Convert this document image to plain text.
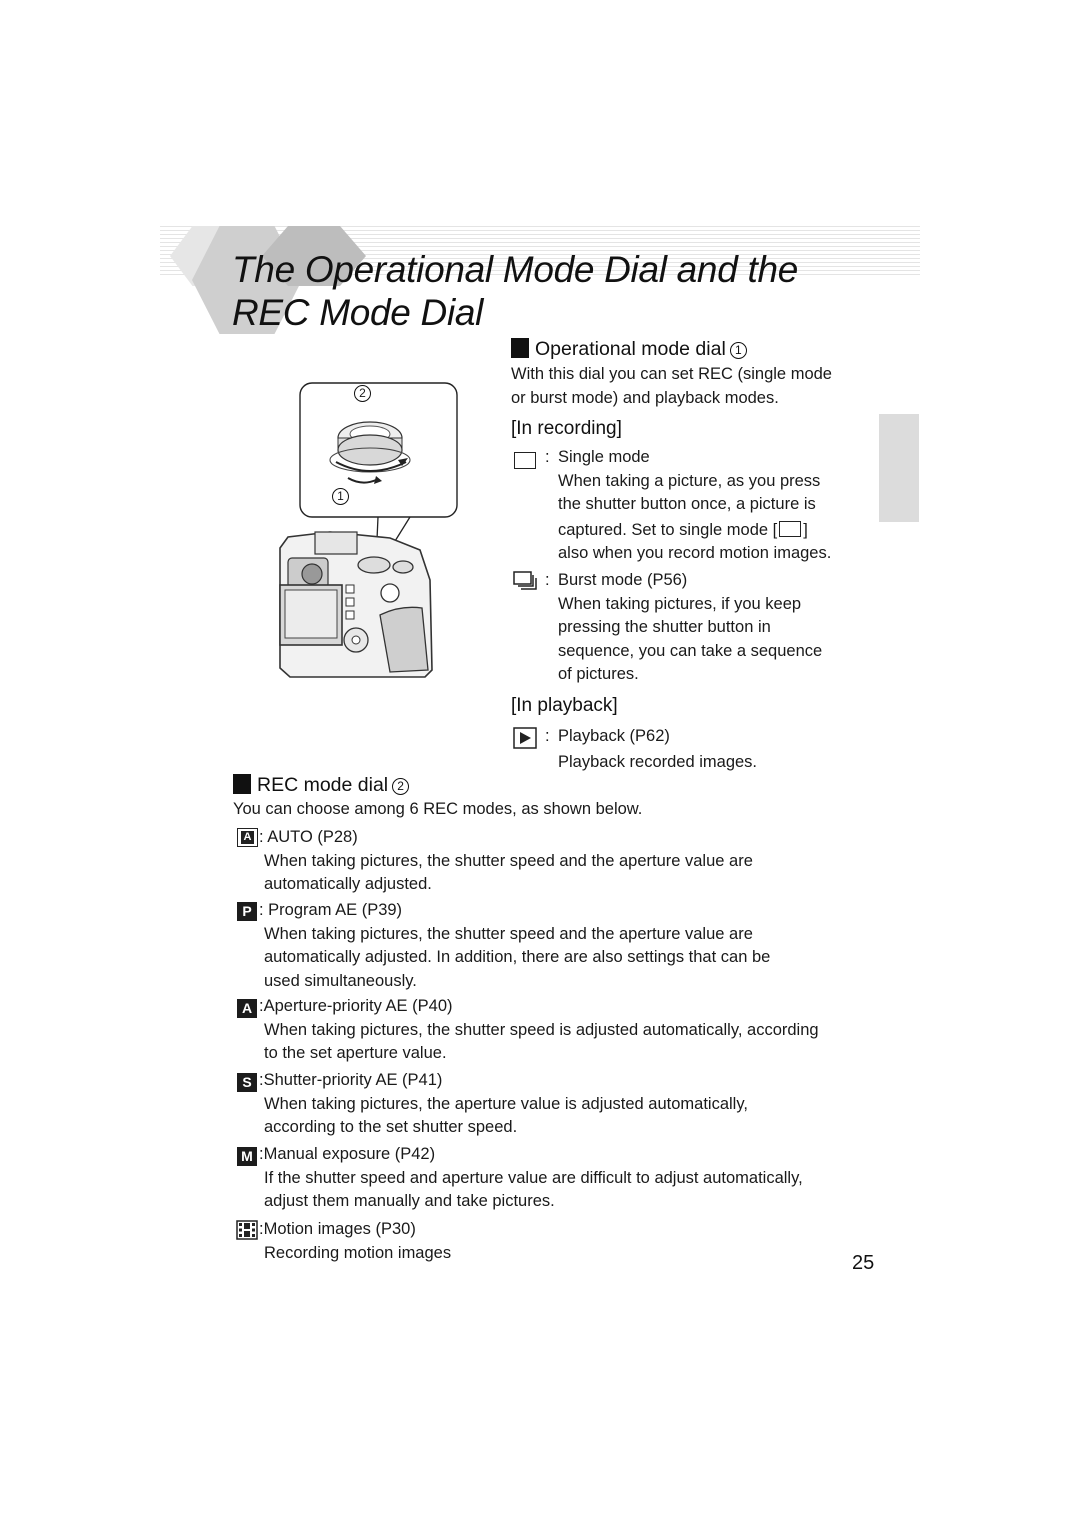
The Operational Mode Dial and the REC Mode Dial
2
1
Operational mode dial 1
With this dial you can set REC (single mode
or burst mode) and playback modes.
[In recording]
: Single mode
When taking a picture, as you press
the shutter button once, a picture is
captured. Set to single mode [ ]
also when you record motion images.
: Burst mode (P56)
When taking pictures, if you keep
pressing the shutter button in
sequence, you can take a sequence
of pictures.
[In playback]
: Playback (P62)
Playback recorded images.
REC mode dial 2
You can choose among 6 REC modes, as shown below.
A : AUTO (P28)
When taking pictures, the shutter speed and the aperture value are
automatically adjusted.
P : Program AE (P39)
When taking pictures, the shutter speed and the aperture value are
automatically adjusted. In addition, there are also settings that can be
used simultaneously.
A :Aperture-priority AE (P40)
When taking pictures, the shutter speed is adjusted automatically, according
to the set aperture value.
S :Shutter-priority AE (P41)
When taking pictures, the aperture value is adjusted automatically,
according to the set shutter speed.
M :Manual exposure (P42)
If the shutter speed and aperture value are difficult to adjust automatically,
adjust them manually and take pictures.
:Motion images (P30)
Recording motion images	25
